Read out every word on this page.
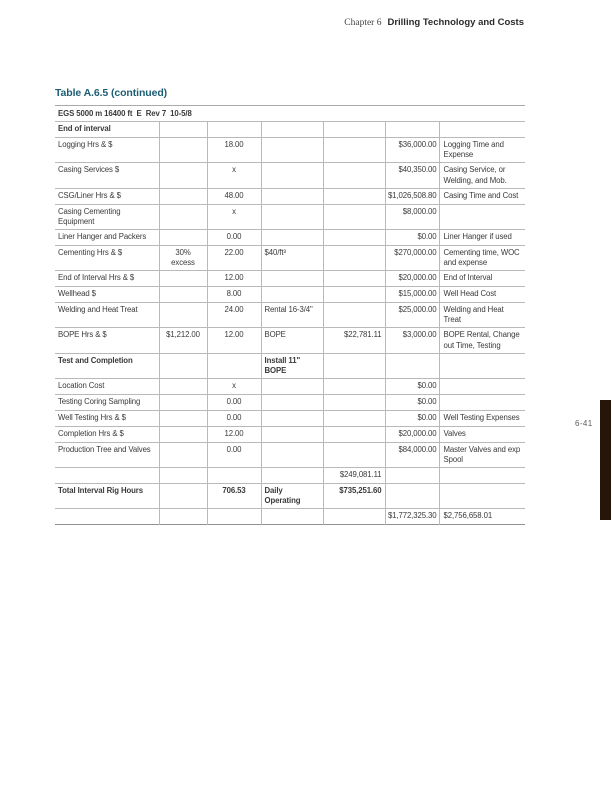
Chapter 6 Drilling Technology and Costs
Table A.6.5 (continued)
EGS 5000 m 16400 ft  E  Rev 7  10-5/8						
End of interval						
Logging Hrs & $		18.00			$36,000.00	Logging Time and Expense
Casing Services $		x			$40,350.00	Casing Service, or Welding, and Mob.
CSG/Liner Hrs & $		48.00			$1,026,508.80	Casing Time and Cost
Casing Cementing Equipment		x			$8,000.00	
Liner Hanger and Packers		0.00			$0.00	Liner Hanger if used
Cementing Hrs & $	30% excess	22.00	$40/ft³		$270,000.00	Cementing time, WOC and expense
End of Interval Hrs & $		12.00			$20,000.00	End of Interval
Wellhead $		8.00			$15,000.00	Well Head Cost
Welding and Heat Treat		24.00	Rental 16-3/4"		$25,000.00	Welding and Heat Treat
BOPE Hrs & $	$1,212.00	12.00	BOPE	$22,781.11	$3,000.00	BOPE Rental, Change out Time, Testing
Test and Completion			Install 11" BOPE			
Location Cost		x			$0.00	
Testing Coring Sampling		0.00			$0.00	
Well Testing Hrs & $		0.00			$0.00	Well Testing Expenses
Completion Hrs & $		12.00			$20,000.00	Valves
Production Tree and Valves		0.00			$84,000.00	Master Valves and exp Spool
				$249,081.11		
Total Interval Rig Hours		706.53	Daily Operating	$735,251.60		
					$1,772,325.30	$2,756,658.01
6-41
